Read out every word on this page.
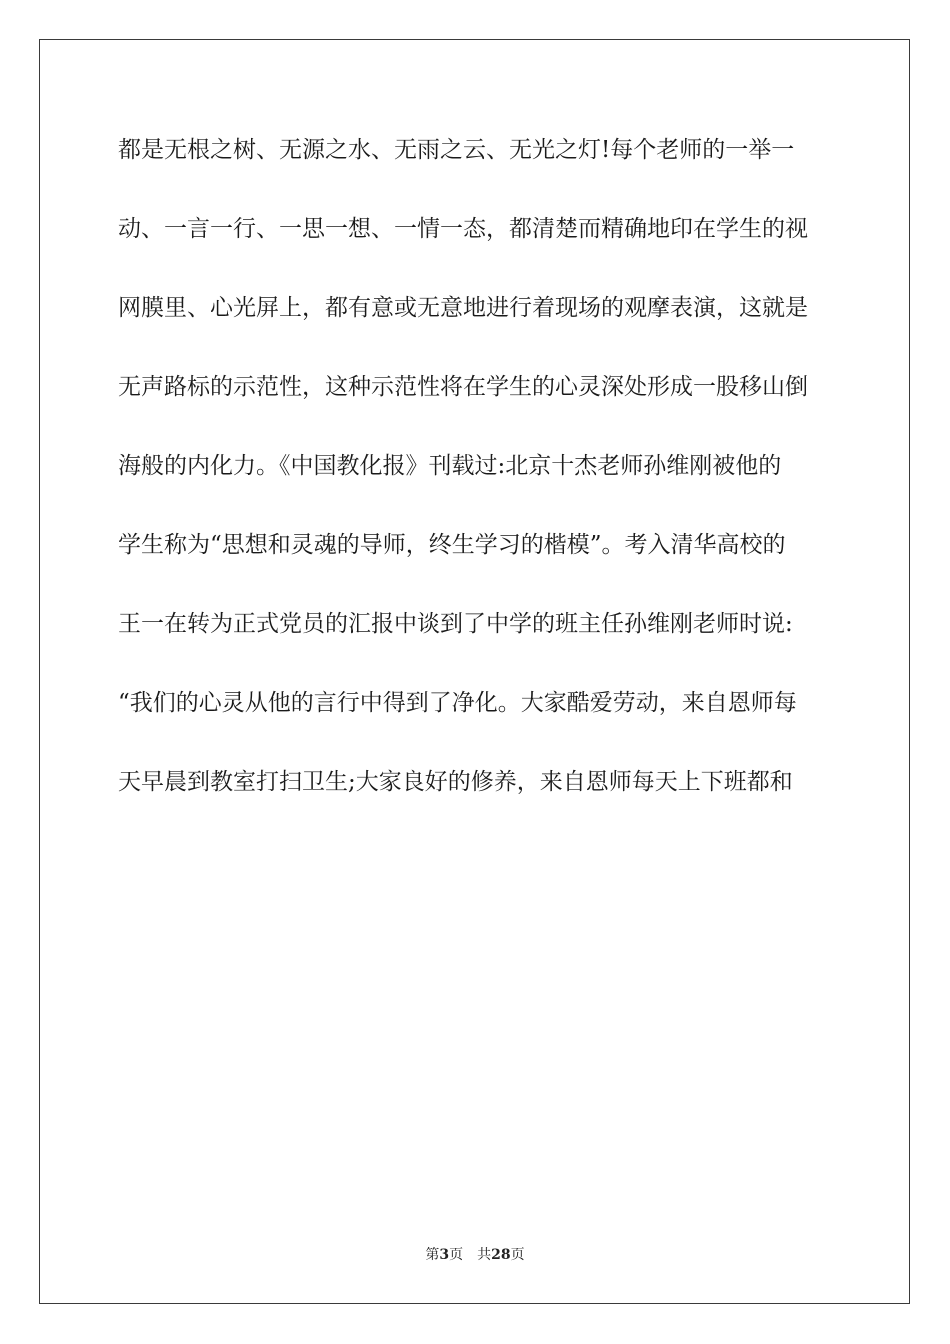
都是无根之树、无源之水、无雨之云、无光之灯!每个老师的一举一
动、一言一行、一思一想、一情一态，都清楚而精确地印在学生的视
网膜里、心光屏上，都有意或无意地进行着现场的观摩表演，这就是
无声路标的示范性，这种示范性将在学生的心灵深处形成一股移山倒
海般的内化力。《中国教化报》刊载过:北京十杰老师孙维刚被他的
学生称为“思想和灵魂的导师，终生学习的楷模”。考入清华高校的
王一在转为正式党员的汇报中谈到了中学的班主任孙维刚老师时说:
“我们的心灵从他的言行中得到了净化。大家酷爱劳动，来自恩师每
天早晨到教室打扫卫生;大家良好的修养，来自恩师每天上下班都和
第3页 共28页
